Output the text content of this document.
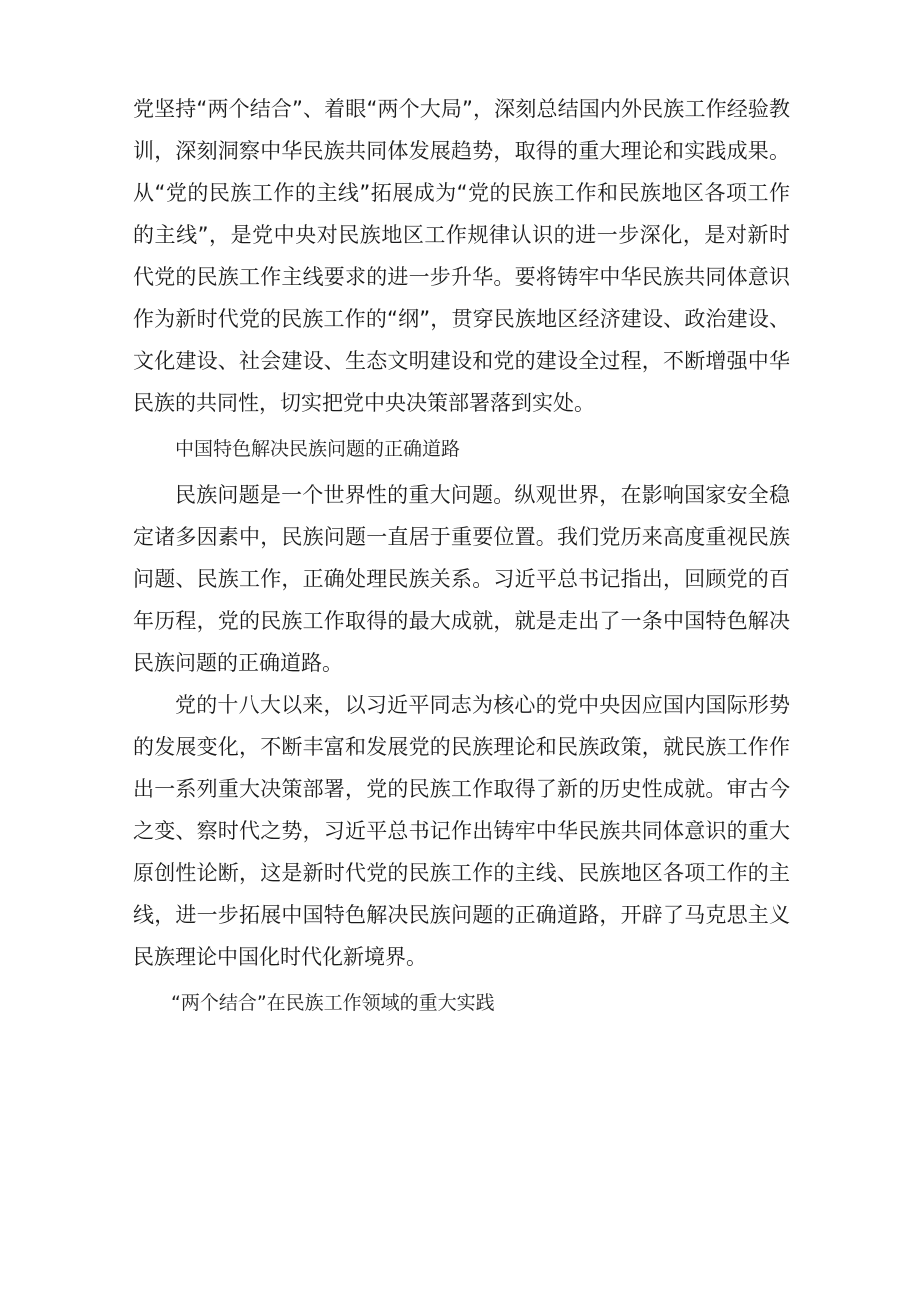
党坚持“两个结合”、着眼“两个大局”，深刻总结国内外民族工作经验教训，深刻洞察中华民族共同体发展趋势，取得的重大理论和实践成果。从“党的民族工作的主线”拓展成为“党的民族工作和民族地区各项工作的主线”，是党中央对民族地区工作规律认识的进一步深化，是对新时代党的民族工作主线要求的进一步升华。要将铸牢中华民族共同体意识作为新时代党的民族工作的“纲”，贯穿民族地区经济建设、政治建设、文化建设、社会建设、生态文明建设和党的建设全过程，不断增强中华民族的共同性，切实把党中央决策部署落到实处。

中国特色解决民族问题的正确道路

民族问题是一个世界性的重大问题。纵观世界，在影响国家安全稳定诸多因素中，民族问题一直居于重要位置。我们党历来高度重视民族问题、民族工作，正确处理民族关系。习近平总书记指出，回顾党的百年历程，党的民族工作取得的最大成就，就是走出了一条中国特色解决民族问题的正确道路。

党的十八大以来，以习近平同志为核心的党中央因应国内国际形势的发展变化，不断丰富和发展党的民族理论和民族政策，就民族工作作出一系列重大决策部署，党的民族工作取得了新的历史性成就。审古今之变、察时代之势，习近平总书记作出铸牢中华民族共同体意识的重大原创性论断，这是新时代党的民族工作的主线、民族地区各项工作的主线，进一步拓展中国特色解决民族问题的正确道路，开辟了马克思主义民族理论中国化时代化新境界。

“两个结合”在民族工作领域的重大实践
